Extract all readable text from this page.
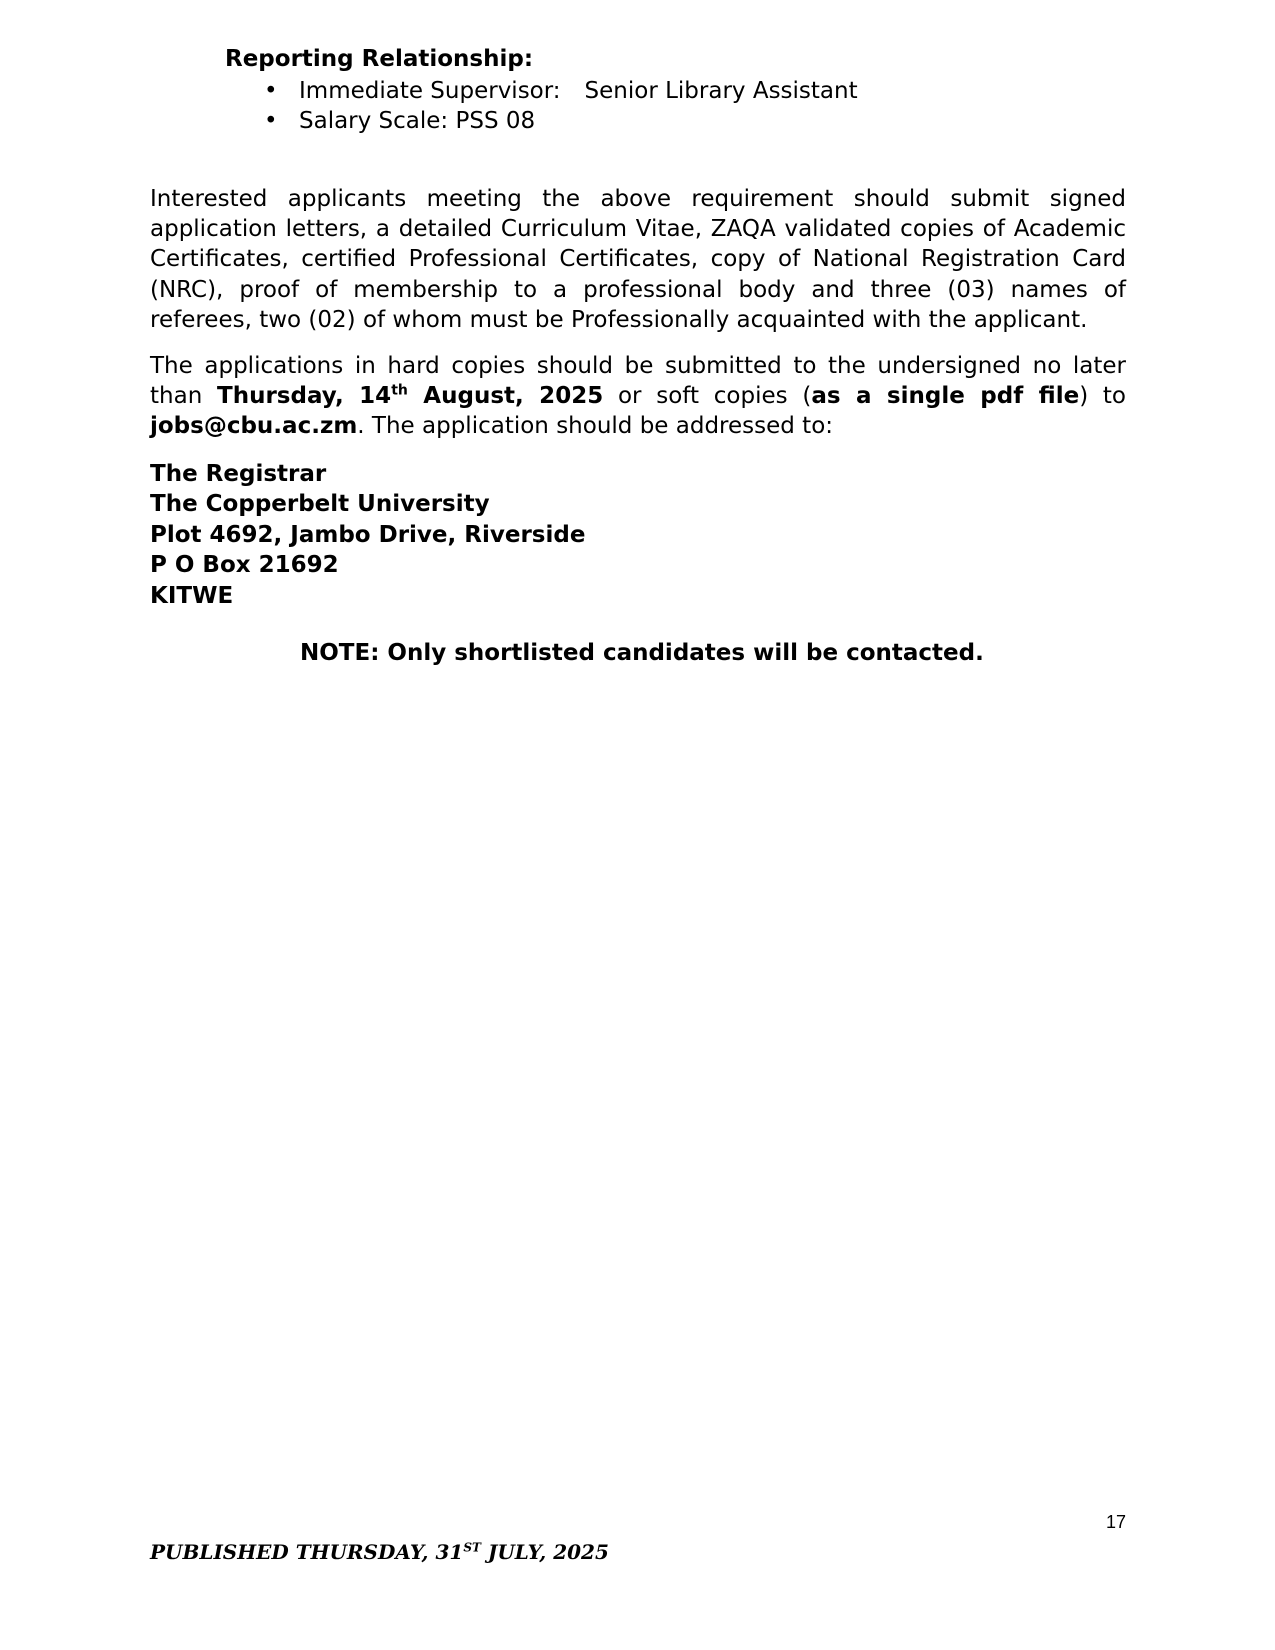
Reporting Relationship:
• Immediate Supervisor: Senior Library Assistant
• Salary Scale: PSS 08

Interested applicants meeting the above requirement should submit signed application letters, a detailed Curriculum Vitae, ZAQA validated copies of Academic Certificates, certified Professional Certificates, copy of National Registration Card (NRC), proof of membership to a professional body and three (03) names of referees, two (02) of whom must be Professionally acquainted with the applicant.

The applications in hard copies should be submitted to the undersigned no later than Thursday, 14th August, 2025 or soft copies (as a single pdf file) to jobs@cbu.ac.zm. The application should be addressed to:

The Registrar
The Copperbelt University
Plot 4692, Jambo Drive, Riverside
P O Box 21692
KITWE
NOTE: Only shortlisted candidates will be contacted.
17
PUBLISHED THURSDAY, 31ST JULY, 2025
